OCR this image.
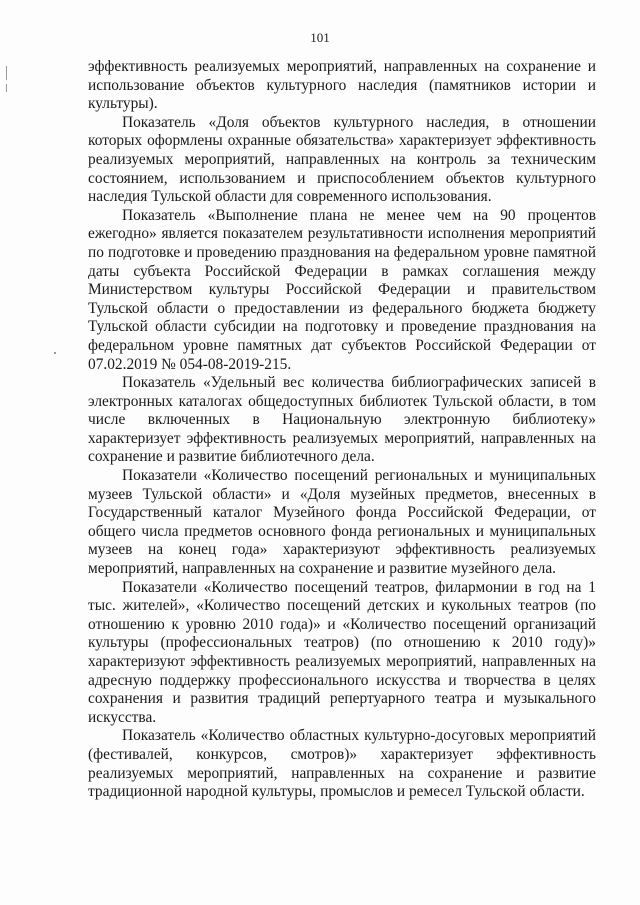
101

эффективность реализуемых мероприятий, направленных на сохранение и использование объектов культурного наследия (памятников истории и культуры).

Показатель «Доля объектов культурного наследия, в отношении которых оформлены охранные обязательства» характеризует эффективность реализуемых мероприятий, направленных на контроль за техническим состоянием, использованием и приспособлением объектов культурного наследия Тульской области для современного использования.

Показатель «Выполнение плана не менее чем на 90 процентов ежегодно» является показателем результативности исполнения мероприятий по подготовке и проведению празднования на федеральном уровне памятной даты субъекта Российской Федерации в рамках соглашения между Министерством культуры Российской Федерации и правительством Тульской области о предоставлении из федерального бюджета бюджету Тульской области субсидии на подготовку и проведение празднования на федеральном уровне памятных дат субъектов Российской Федерации от 07.02.2019 № 054-08-2019-215.

Показатель «Удельный вес количества библиографических записей в электронных каталогах общедоступных библиотек Тульской области, в том числе включенных в Национальную электронную библиотеку» характеризует эффективность реализуемых мероприятий, направленных на сохранение и развитие библиотечного дела.

Показатели «Количество посещений региональных и муниципальных музеев Тульской области» и «Доля музейных предметов, внесенных в Государственный каталог Музейного фонда Российской Федерации, от общего числа предметов основного фонда региональных и муниципальных музеев на конец года» характеризуют эффективность реализуемых мероприятий, направленных на сохранение и развитие музейного дела.

Показатели «Количество посещений театров, филармонии в год на 1 тыс. жителей», «Количество посещений детских и кукольных театров (по отношению к уровню 2010 года)» и «Количество посещений организаций культуры (профессиональных театров) (по отношению к 2010 году)» характеризуют эффективность реализуемых мероприятий, направленных на адресную поддержку профессионального искусства и творчества в целях сохранения и развития традиций репертуарного театра и музыкального искусства.

Показатель «Количество областных культурно-досуговых мероприятий (фестивалей, конкурсов, смотров)» характеризует эффективность реализуемых мероприятий, направленных на сохранение и развитие традиционной народной культуры, промыслов и ремесел Тульской области.
